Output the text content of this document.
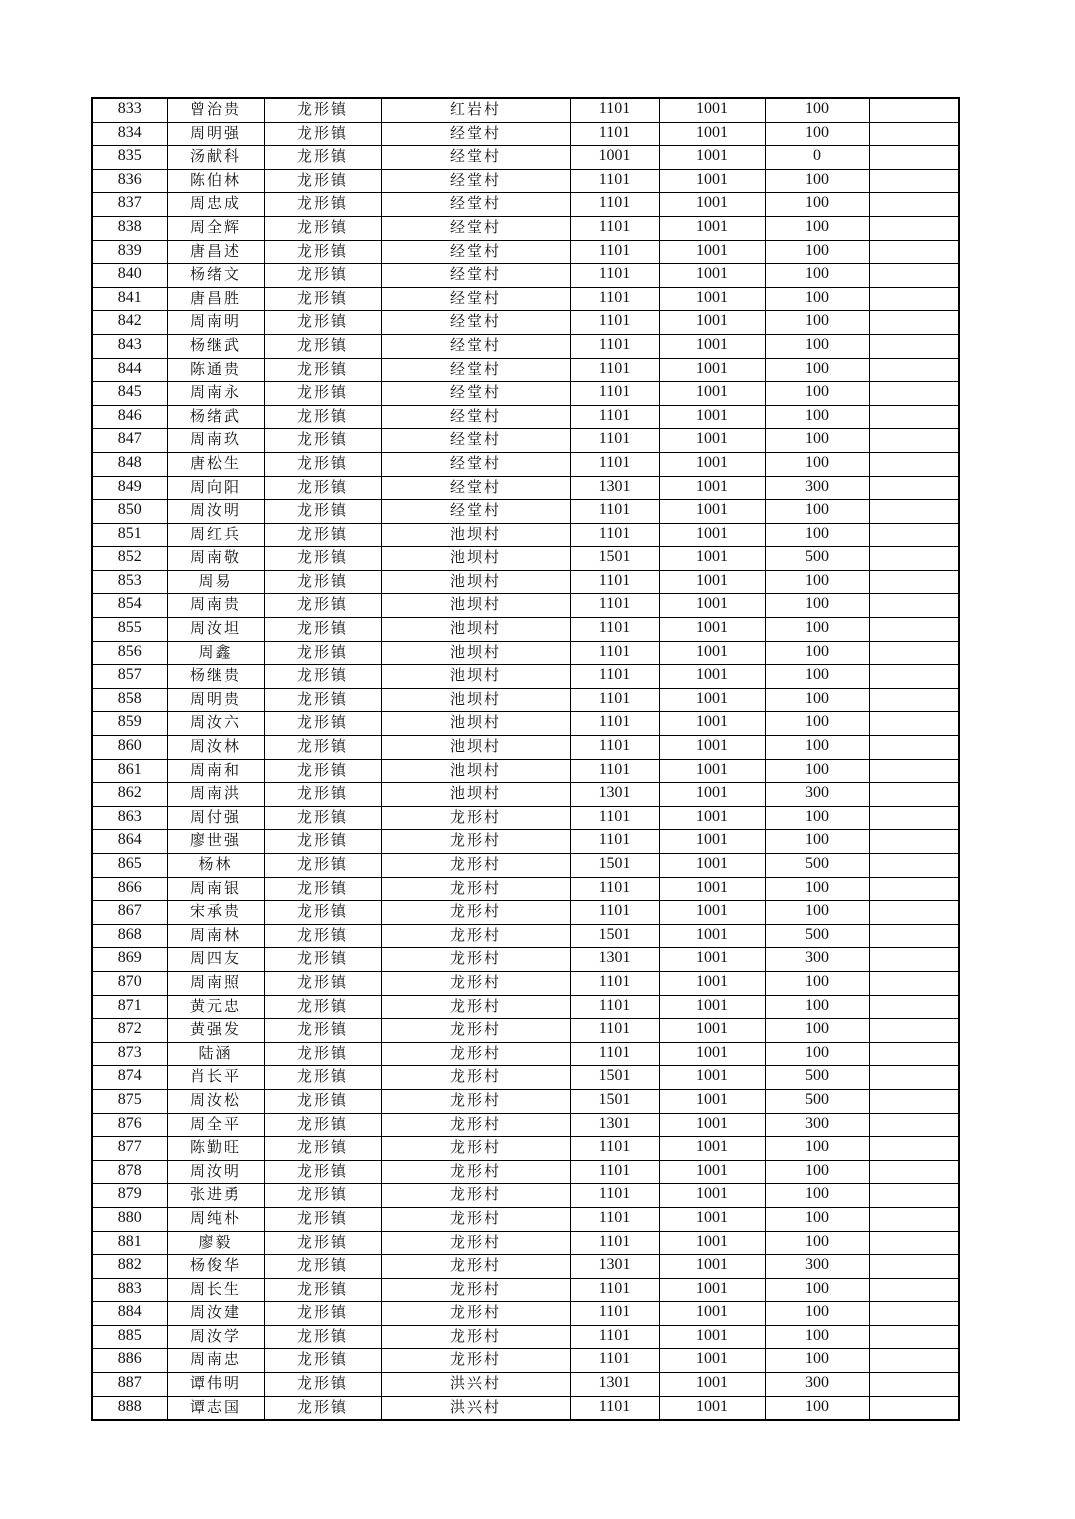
833	曾治贵	龙形镇	红岩村	1101	1001	100	
834	周明强	龙形镇	经堂村	1101	1001	100	
835	汤献科	龙形镇	经堂村	1001	1001	0	
836	陈伯林	龙形镇	经堂村	1101	1001	100	
837	周忠成	龙形镇	经堂村	1101	1001	100	
838	周全辉	龙形镇	经堂村	1101	1001	100	
839	唐昌述	龙形镇	经堂村	1101	1001	100	
840	杨绪文	龙形镇	经堂村	1101	1001	100	
841	唐昌胜	龙形镇	经堂村	1101	1001	100	
842	周南明	龙形镇	经堂村	1101	1001	100	
843	杨继武	龙形镇	经堂村	1101	1001	100	
844	陈通贵	龙形镇	经堂村	1101	1001	100	
845	周南永	龙形镇	经堂村	1101	1001	100	
846	杨绪武	龙形镇	经堂村	1101	1001	100	
847	周南玖	龙形镇	经堂村	1101	1001	100	
848	唐松生	龙形镇	经堂村	1101	1001	100	
849	周向阳	龙形镇	经堂村	1301	1001	300	
850	周汝明	龙形镇	经堂村	1101	1001	100	
851	周红兵	龙形镇	池坝村	1101	1001	100	
852	周南敬	龙形镇	池坝村	1501	1001	500	
853	周易	龙形镇	池坝村	1101	1001	100	
854	周南贵	龙形镇	池坝村	1101	1001	100	
855	周汝坦	龙形镇	池坝村	1101	1001	100	
856	周鑫	龙形镇	池坝村	1101	1001	100	
857	杨继贵	龙形镇	池坝村	1101	1001	100	
858	周明贵	龙形镇	池坝村	1101	1001	100	
859	周汝六	龙形镇	池坝村	1101	1001	100	
860	周汝林	龙形镇	池坝村	1101	1001	100	
861	周南和	龙形镇	池坝村	1101	1001	100	
862	周南洪	龙形镇	池坝村	1301	1001	300	
863	周付强	龙形镇	龙形村	1101	1001	100	
864	廖世强	龙形镇	龙形村	1101	1001	100	
865	杨林	龙形镇	龙形村	1501	1001	500	
866	周南银	龙形镇	龙形村	1101	1001	100	
867	宋承贵	龙形镇	龙形村	1101	1001	100	
868	周南林	龙形镇	龙形村	1501	1001	500	
869	周四友	龙形镇	龙形村	1301	1001	300	
870	周南照	龙形镇	龙形村	1101	1001	100	
871	黄元忠	龙形镇	龙形村	1101	1001	100	
872	黄强发	龙形镇	龙形村	1101	1001	100	
873	陆涵	龙形镇	龙形村	1101	1001	100	
874	肖长平	龙形镇	龙形村	1501	1001	500	
875	周汝松	龙形镇	龙形村	1501	1001	500	
876	周全平	龙形镇	龙形村	1301	1001	300	
877	陈勤旺	龙形镇	龙形村	1101	1001	100	
878	周汝明	龙形镇	龙形村	1101	1001	100	
879	张进勇	龙形镇	龙形村	1101	1001	100	
880	周纯朴	龙形镇	龙形村	1101	1001	100	
881	廖毅	龙形镇	龙形村	1101	1001	100	
882	杨俊华	龙形镇	龙形村	1301	1001	300	
883	周长生	龙形镇	龙形村	1101	1001	100	
884	周汝建	龙形镇	龙形村	1101	1001	100	
885	周汝学	龙形镇	龙形村	1101	1001	100	
886	周南忠	龙形镇	龙形村	1101	1001	100	
887	谭伟明	龙形镇	洪兴村	1301	1001	300	
888	谭志国	龙形镇	洪兴村	1101	1001	100	
